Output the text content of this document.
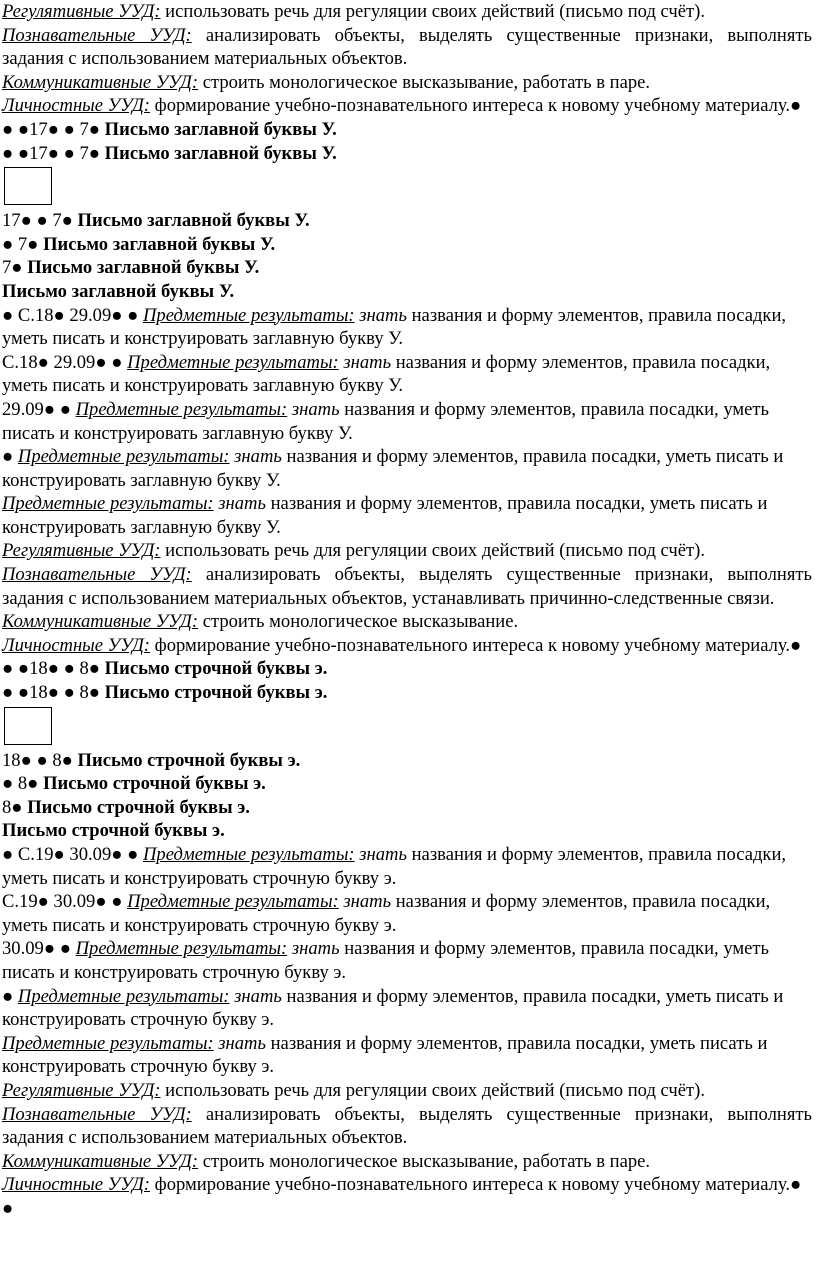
Регулятивные УУД: использовать речь для регуляции своих действий (письмо под счёт).

Познавательные УУД: анализировать объекты, выделять существенные признаки, выполнять задания с использованием материальных объектов.

Коммуникативные УУД: строить монологическое высказывание, работать в паре.

Личностные УУД: формирование учебно-познавательного интереса к новому учебному материалу.● ● ●17● ● 7● Письмо заглавной буквы У.

● ●17● ● 7● Письмо заглавной буквы У.

17● ● 7● Письмо заглавной буквы У.

● 7● Письмо заглавной буквы У.

7● Письмо заглавной буквы У.

Письмо заглавной буквы У.

● С.18● 29.09● ● Предметные результаты: знать названия и форму элементов, правила посадки, уметь писать и конструировать заглавную букву У.

С.18● 29.09● ● Предметные результаты: знать названия и форму элементов, правила посадки, уметь писать и конструировать заглавную букву У.

29.09● ● Предметные результаты: знать названия и форму элементов, правила посадки, уметь писать и конструировать заглавную букву У.

● Предметные результаты: знать названия и форму элементов, правила посадки, уметь писать и конструировать заглавную букву У.

Предметные результаты: знать названия и форму элементов, правила посадки, уметь писать и конструировать заглавную букву У.

Регулятивные УУД: использовать речь для регуляции своих действий (письмо под счёт).

Познавательные УУД: анализировать объекты, выделять существенные признаки, выполнять задания с использованием материальных объектов, устанавливать причинно-следственные связи.

Коммуникативные УУД: строить монологическое высказывание.

Личностные УУД: формирование учебно-познавательного интереса к новому учебному материалу.● ● ●18● ● 8● Письмо строчной буквы э.

● ●18● ● 8● Письмо строчной буквы э.

18● ● 8● Письмо строчной буквы э.

● 8● Письмо строчной буквы э.

8● Письмо строчной буквы э.

Письмо строчной буквы э.

● С.19● 30.09● ● Предметные результаты: знать названия и форму элементов, правила посадки, уметь писать и конструировать строчную букву э.

С.19● 30.09● ● Предметные результаты: знать названия и форму элементов, правила посадки, уметь писать и конструировать строчную букву э.

30.09● ● Предметные результаты: знать названия и форму элементов, правила посадки, уметь писать и конструировать строчную букву э.

● Предметные результаты: знать названия и форму элементов, правила посадки, уметь писать и конструировать строчную букву э.

Предметные результаты: знать названия и форму элементов, правила посадки, уметь писать и конструировать строчную букву э.

Регулятивные УУД: использовать речь для регуляции своих действий (письмо под счёт).

Познавательные УУД: анализировать объекты, выделять существенные признаки, выполнять задания с использованием материальных объектов.

Коммуникативные УУД: строить монологическое высказывание, работать в паре.

Личностные УУД: формирование учебно-познавательного интереса к новому учебному материалу.● ●
